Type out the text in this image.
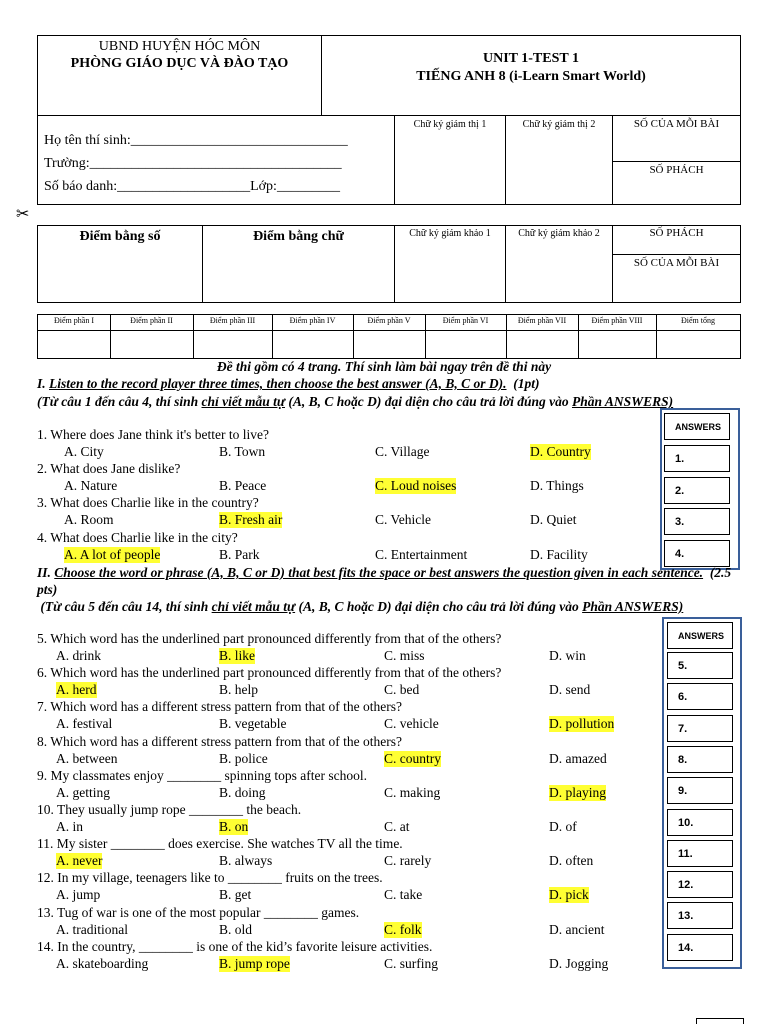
UBND HUYỆN HÓC MÔN
PHÒNG GIÁO DỤC VÀ ĐÀO TẠO	UNIT 1-TEST 1
TIẾNG ANH 8 (i-Learn Smart World)
Họ tên thí sinh:_______________________________
Trường:____________________________________
Số báo danh:___________________Lớp:_________
Chữ ký giám thị 1	Chữ ký giám thị 2	SỐ CỦA MỖI BÀI
SỐ PHÁCH
✂
Điểm bằng số	Điểm bằng chữ	Chữ ký giám khảo 1	Chữ ký giám khảo 2	SỐ PHÁCH
SỐ CỦA MỖI BÀI
Điểm phần I	Điểm phần II	Điểm phần III	Điểm phần IV	Điểm phần V	Điểm phần VI	Điểm phần VII	Điểm phần VIII	Điểm tổng
Đề thi gồm có 4 trang. Thí sinh làm bài ngay trên đề thi này
I. Listen to the record player three times, then choose the best answer (A, B, C or D). (1pt)
(Từ câu 1 đến câu 4, thí sinh chỉ viết mẫu tự (A, B, C hoặc D) đại diện cho câu trả lời đúng vào Phần ANSWERS)
1. Where does Jane think it's better to live?
A. City	B. Town	C. Village	D. Country
2. What does Jane dislike?
A. Nature	B. Peace	C. Loud noises	D. Things
3. What does Charlie like in the country?
A. Room	B. Fresh air	C. Vehicle	D. Quiet
4. What does Charlie like in the city?
A. A lot of people	B. Park	C. Entertainment	D. Facility
ANSWERS
1.
2.
3.
4.
II. Choose the word or phrase (A, B, C or D) that best fits the space or best answers the question given in each sentence. (2.5 pts)
(Từ câu 5 đến câu 14, thí sinh chỉ viết mẫu tự (A, B, C hoặc D) đại diện cho câu trả lời đúng vào Phần ANSWERS)
5. Which word has the underlined part pronounced differently from that of the others?
A. drink	B. like	C. miss	D. win
6. Which word has the underlined part pronounced differently from that of the others?
A. herd	B. help	C. bed	D. send
7. Which word has a different stress pattern from that of the others?
A. festival	B. vegetable	C. vehicle	D. pollution
8. Which word has a different stress pattern from that of the others?
A. between	B. police	C. country	D. amazed
9. My classmates enjoy ________ spinning tops after school.
A. getting	B. doing	C. making	D. playing
10. They usually jump rope ________ the beach.
A. in	B. on	C. at	D. of
11. My sister ________ does exercise. She watches TV all the time.
A. never	B. always	C. rarely	D. often
12. In my village, teenagers like to ________ fruits on the trees.
A. jump	B. get	C. take	D. pick
13. Tug of war is one of the most popular ________ games.
A. traditional	B. old	C. folk	D. ancient
14. In the country, ________ is one of the kid’s favorite leisure activities.
A. skateboarding	B. jump rope	C. surfing	D. Jogging
ANSWERS
5.
6.
7.
8.
9.
10.
11.
12.
13.
14.
